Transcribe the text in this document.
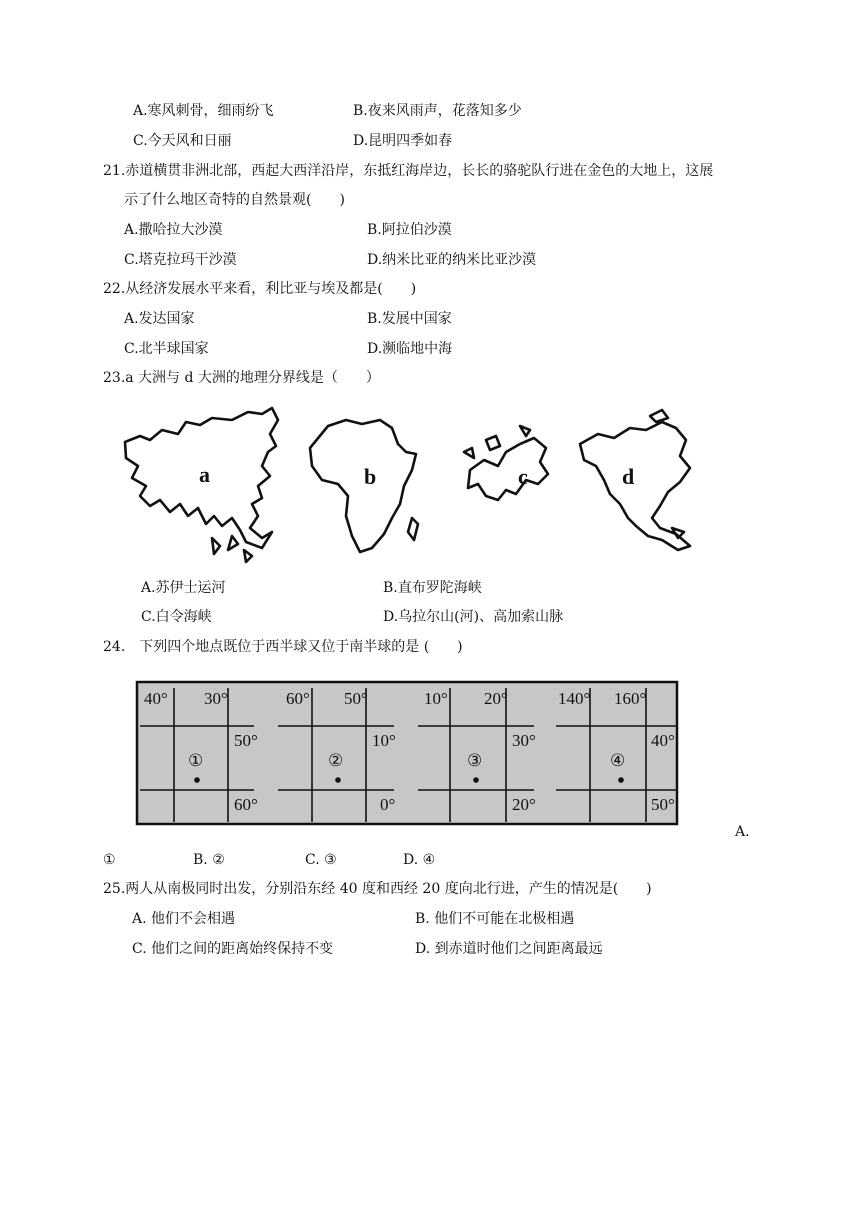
A.寒风刺骨，细雨纷飞	B.夜来风雨声，花落知多少
C.今天风和日丽	D.昆明四季如春
21.赤道横贯非洲北部，西起大西洋沿岸，东抵红海岸边，长长的骆驼队行进在金色的大地上，这展
示了什么地区奇特的自然景观(　　)
A.撒哈拉大沙漠	B.阿拉伯沙漠
C.塔克拉玛干沙漠	D.纳米比亚的纳米比亚沙漠
22.从经济发展水平来看，利比亚与埃及都是(　　)
A.发达国家	B.发展中国家
C.北半球国家	D.濒临地中海
23.a 大洲与 d 大洲的地理分界线是（　　）
a	b	c	d
A.苏伊士运河	B.直布罗陀海峡
C.白令海峡	D.乌拉尔山(河)、高加索山脉
24.　下列四个地点既位于西半球又位于南半球的是 (　　)
40° 30°
50°
60°
①
60° 50°
10°
0°
②
10° 20°
30°
20°
③
140° 160°
40°
50°
④
A.
①	B. ②	C. ③	D. ④
25.两人从南极同时出发，分别沿东经 40 度和西经 20 度向北行进，产生的情况是(　　)
A. 他们不会相遇	B. 他们不可能在北极相遇
C. 他们之间的距离始终保持不变	D. 到赤道时他们之间距离最远
